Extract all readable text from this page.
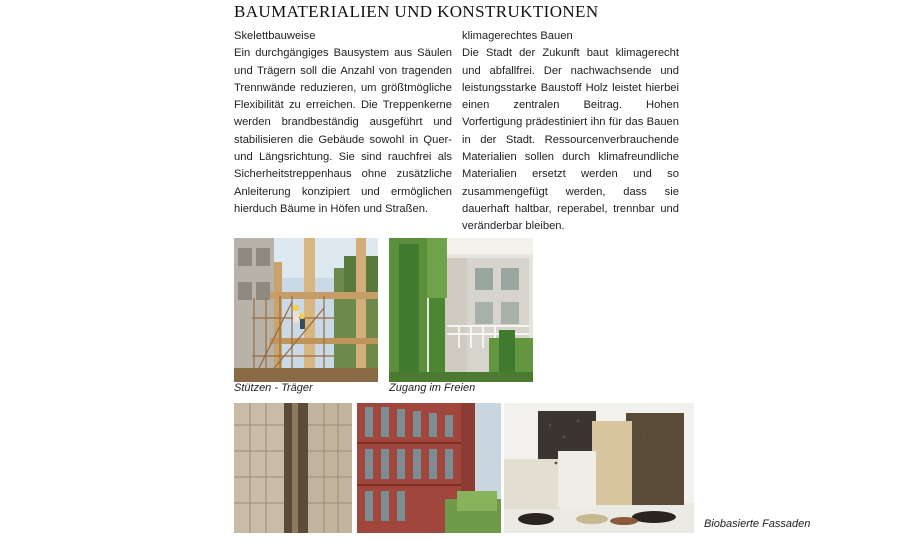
BAUMATERIALIEN UND KONSTRUKTIONEN
Skelettbauweise

Ein durchgängiges Bausystem aus Säulen und Trägern soll die Anzahl von tragenden Trennwände reduzieren, um größtmögliche Flexibilität zu erreichen. Die Treppenkerne werden brandbeständig ausgeführt und stabilisieren die Gebäude sowohl in Quer- und Längsrichtung. Sie sind rauchfrei als Sicherheitstreppenhaus ohne zusätzliche Anleiterung konzipiert und ermöglichen hierduch Bäume in Höfen und Straßen.

klimagerechtes Bauen

Die Stadt der Zukunft baut klimagerecht und abfallfrei. Der nachwachsende und leistungsstarke Baustoff Holz leistet hierbei einen zentralen Beitrag. Hohen Vorfertigung prädestiniert ihn für das Bauen in der Stadt. Ressourcenverbrauchende Materialien sollen durch klimafreundliche Materialien ersetzt werden und so zusammengefügt werden, dass sie dauerhaft haltbar, reperabel, trennbar und veränderbar bleiben.

Stützen - Träger	Zugang im Freien
Biobasierte Fassaden
